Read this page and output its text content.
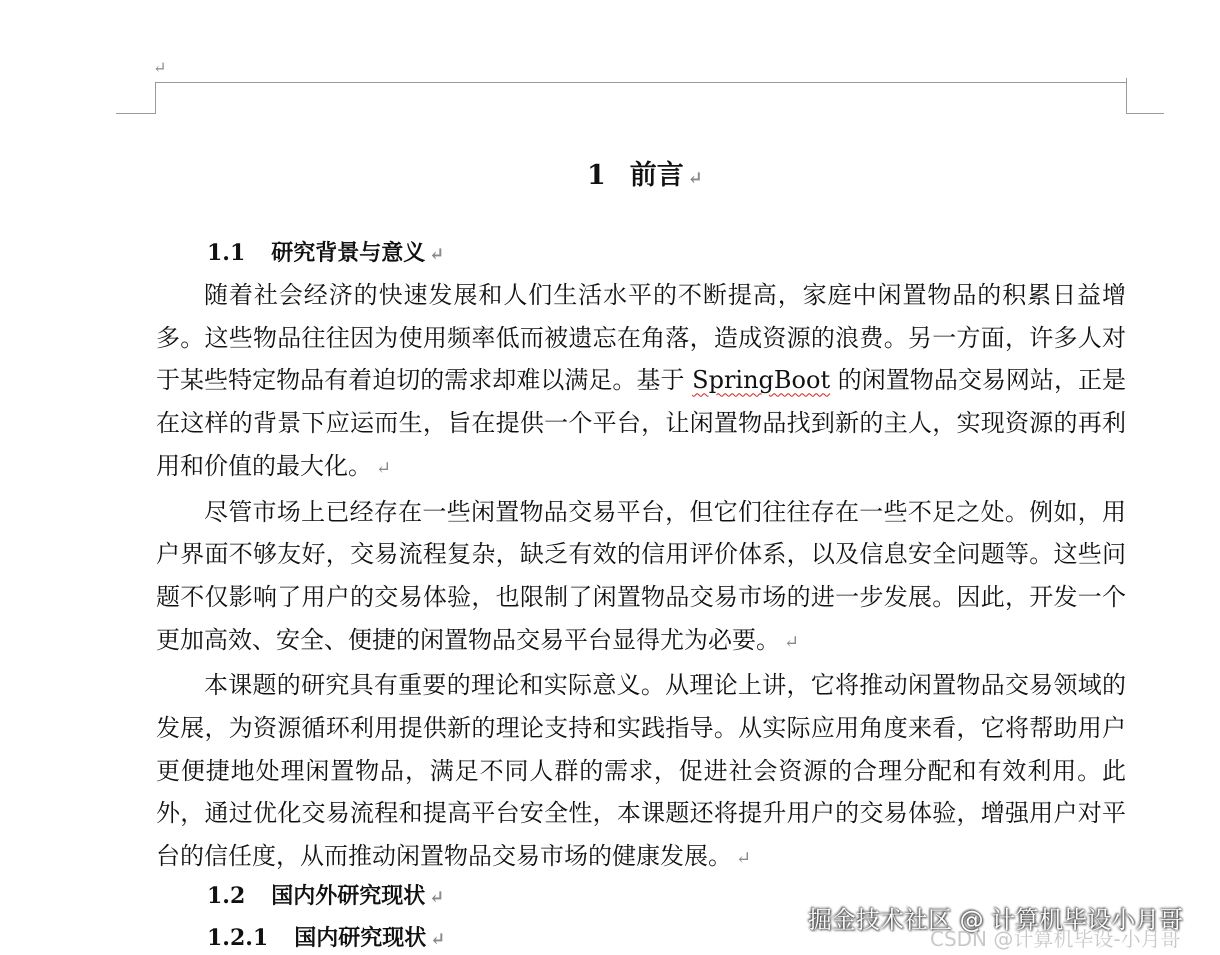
↵
1 前言 ↵
1.1 研究背景与意义 ↵

随着社会经济的快速发展和人们生活水平的不断提高，家庭中闲置物品的积累日益增多。这些物品往往因为使用频率低而被遗忘在角落，造成资源的浪费。另一方面，许多人对于某些特定物品有着迫切的需求却难以满足。基于 SpringBoot 的闲置物品交易网站，正是在这样的背景下应运而生，旨在提供一个平台，让闲置物品找到新的主人，实现资源的再利用和价值的最大化。 ↵

尽管市场上已经存在一些闲置物品交易平台，但它们往往存在一些不足之处。例如，用户界面不够友好，交易流程复杂，缺乏有效的信用评价体系，以及信息安全问题等。这些问题不仅影响了用户的交易体验，也限制了闲置物品交易市场的进一步发展。因此，开发一个更加高效、安全、便捷的闲置物品交易平台显得尤为必要。 ↵

本课题的研究具有重要的理论和实际意义。从理论上讲，它将推动闲置物品交易领域的发展，为资源循环利用提供新的理论支持和实践指导。从实际应用角度来看，它将帮助用户更便捷地处理闲置物品，满足不同人群的需求，促进社会资源的合理分配和有效利用。此外，通过优化交易流程和提高平台安全性，本课题还将提升用户的交易体验，增强用户对平台的信任度，从而推动闲置物品交易市场的健康发展。 ↵

1.2 国内外研究现状 ↵
1.2.1 国内研究现状 ↵
掘金技术社区 @ 计算机毕设小月哥
CSDN @计算机毕设-小月哥
